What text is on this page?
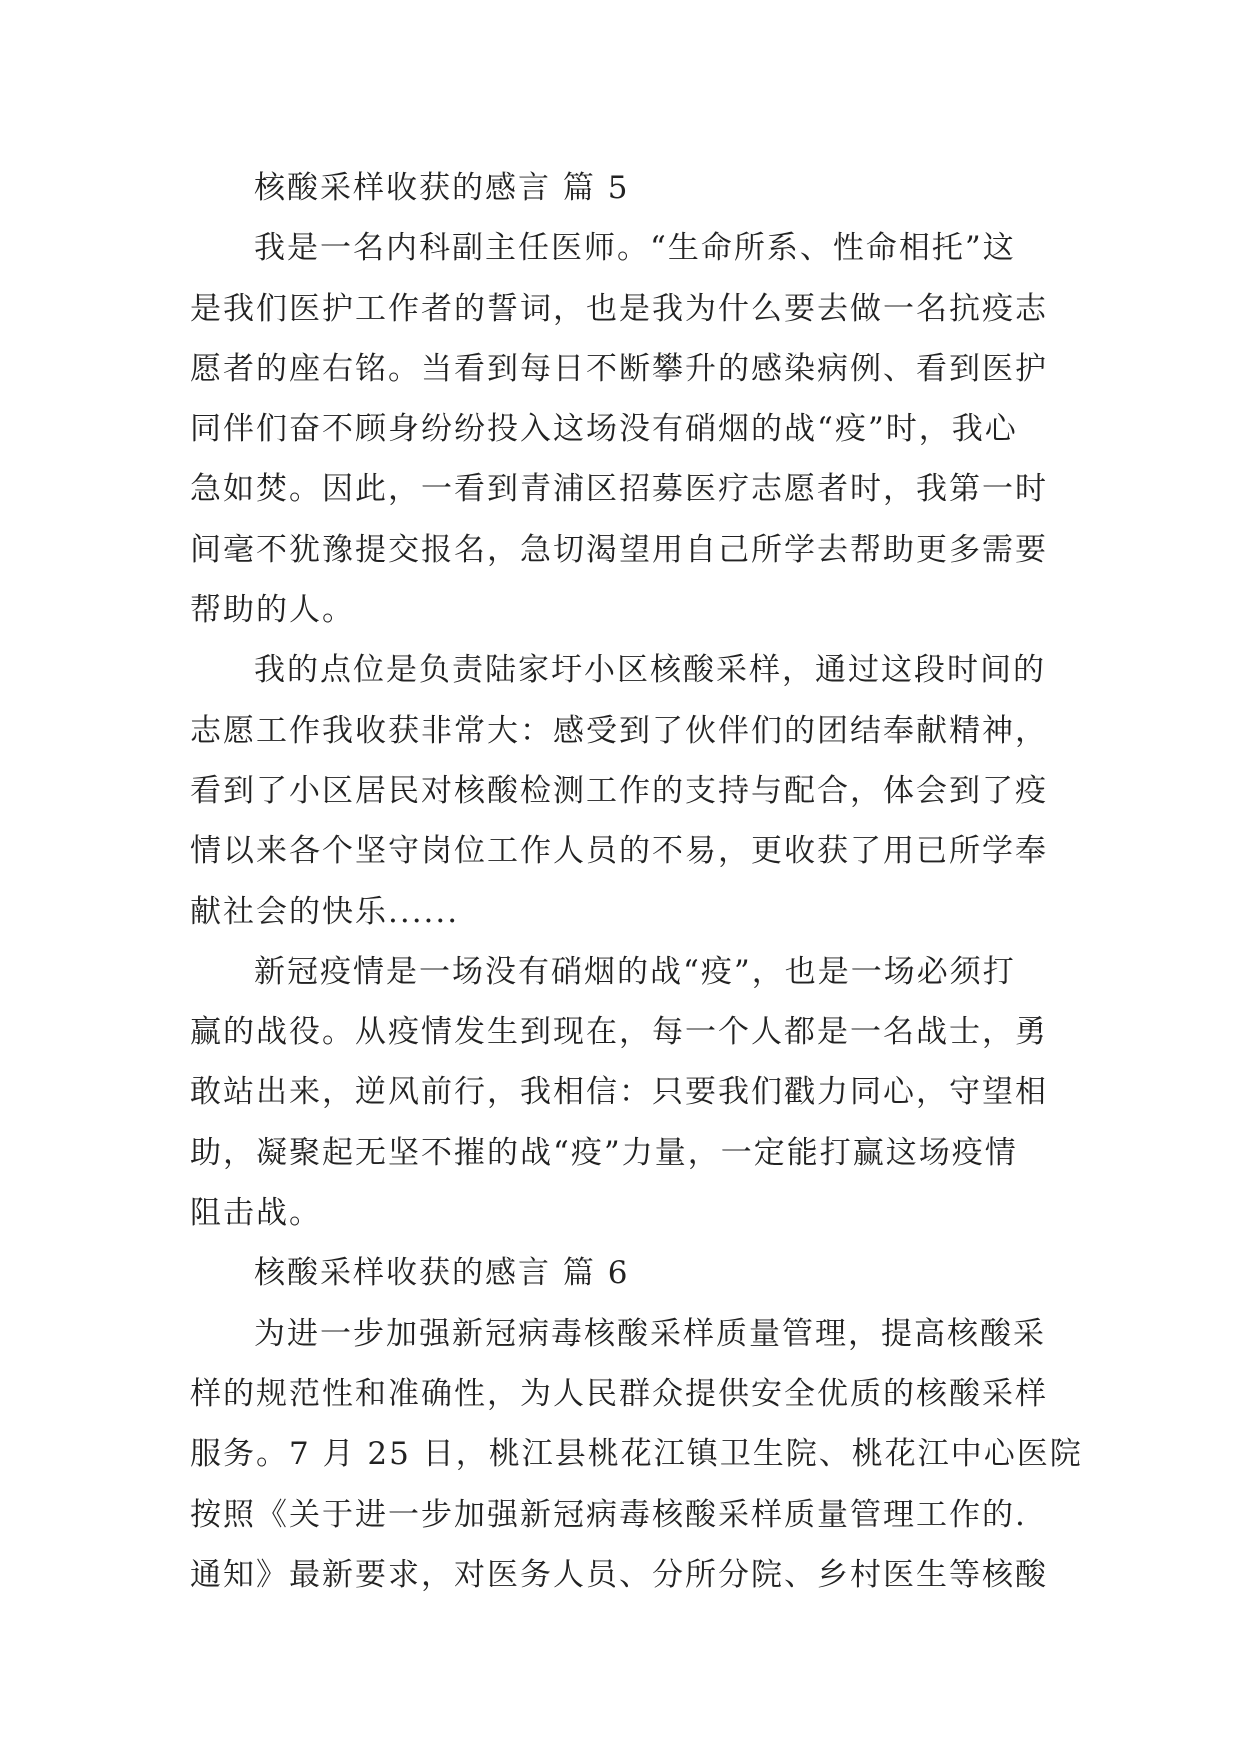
核酸采样收获的感言 篇 5
我是一名内科副主任医师。“生命所系、性命相托”这
是我们医护工作者的誓词，也是我为什么要去做一名抗疫志
愿者的座右铭。当看到每日不断攀升的感染病例、看到医护
同伴们奋不顾身纷纷投入这场没有硝烟的战“疫”时，我心
急如焚。因此，一看到青浦区招募医疗志愿者时，我第一时
间毫不犹豫提交报名，急切渴望用自己所学去帮助更多需要
帮助的人。
我的点位是负责陆家圩小区核酸采样，通过这段时间的
志愿工作我收获非常大：感受到了伙伴们的团结奉献精神，
看到了小区居民对核酸检测工作的支持与配合，体会到了疫
情以来各个坚守岗位工作人员的不易，更收获了用已所学奉
献社会的快乐......
新冠疫情是一场没有硝烟的战“疫”，也是一场必须打
赢的战役。从疫情发生到现在，每一个人都是一名战士，勇
敢站出来，逆风前行，我相信：只要我们戳力同心，守望相
助，凝聚起无坚不摧的战“疫”力量，一定能打赢这场疫情
阻击战。
核酸采样收获的感言 篇 6
为进一步加强新冠病毒核酸采样质量管理，提高核酸采
样的规范性和准确性，为人民群众提供安全优质的核酸采样
服务。7 月 25 日，桃江县桃花江镇卫生院、桃花江中心医院
按照《关于进一步加强新冠病毒核酸采样质量管理工作的.
通知》最新要求，对医务人员、分所分院、乡村医生等核酸
